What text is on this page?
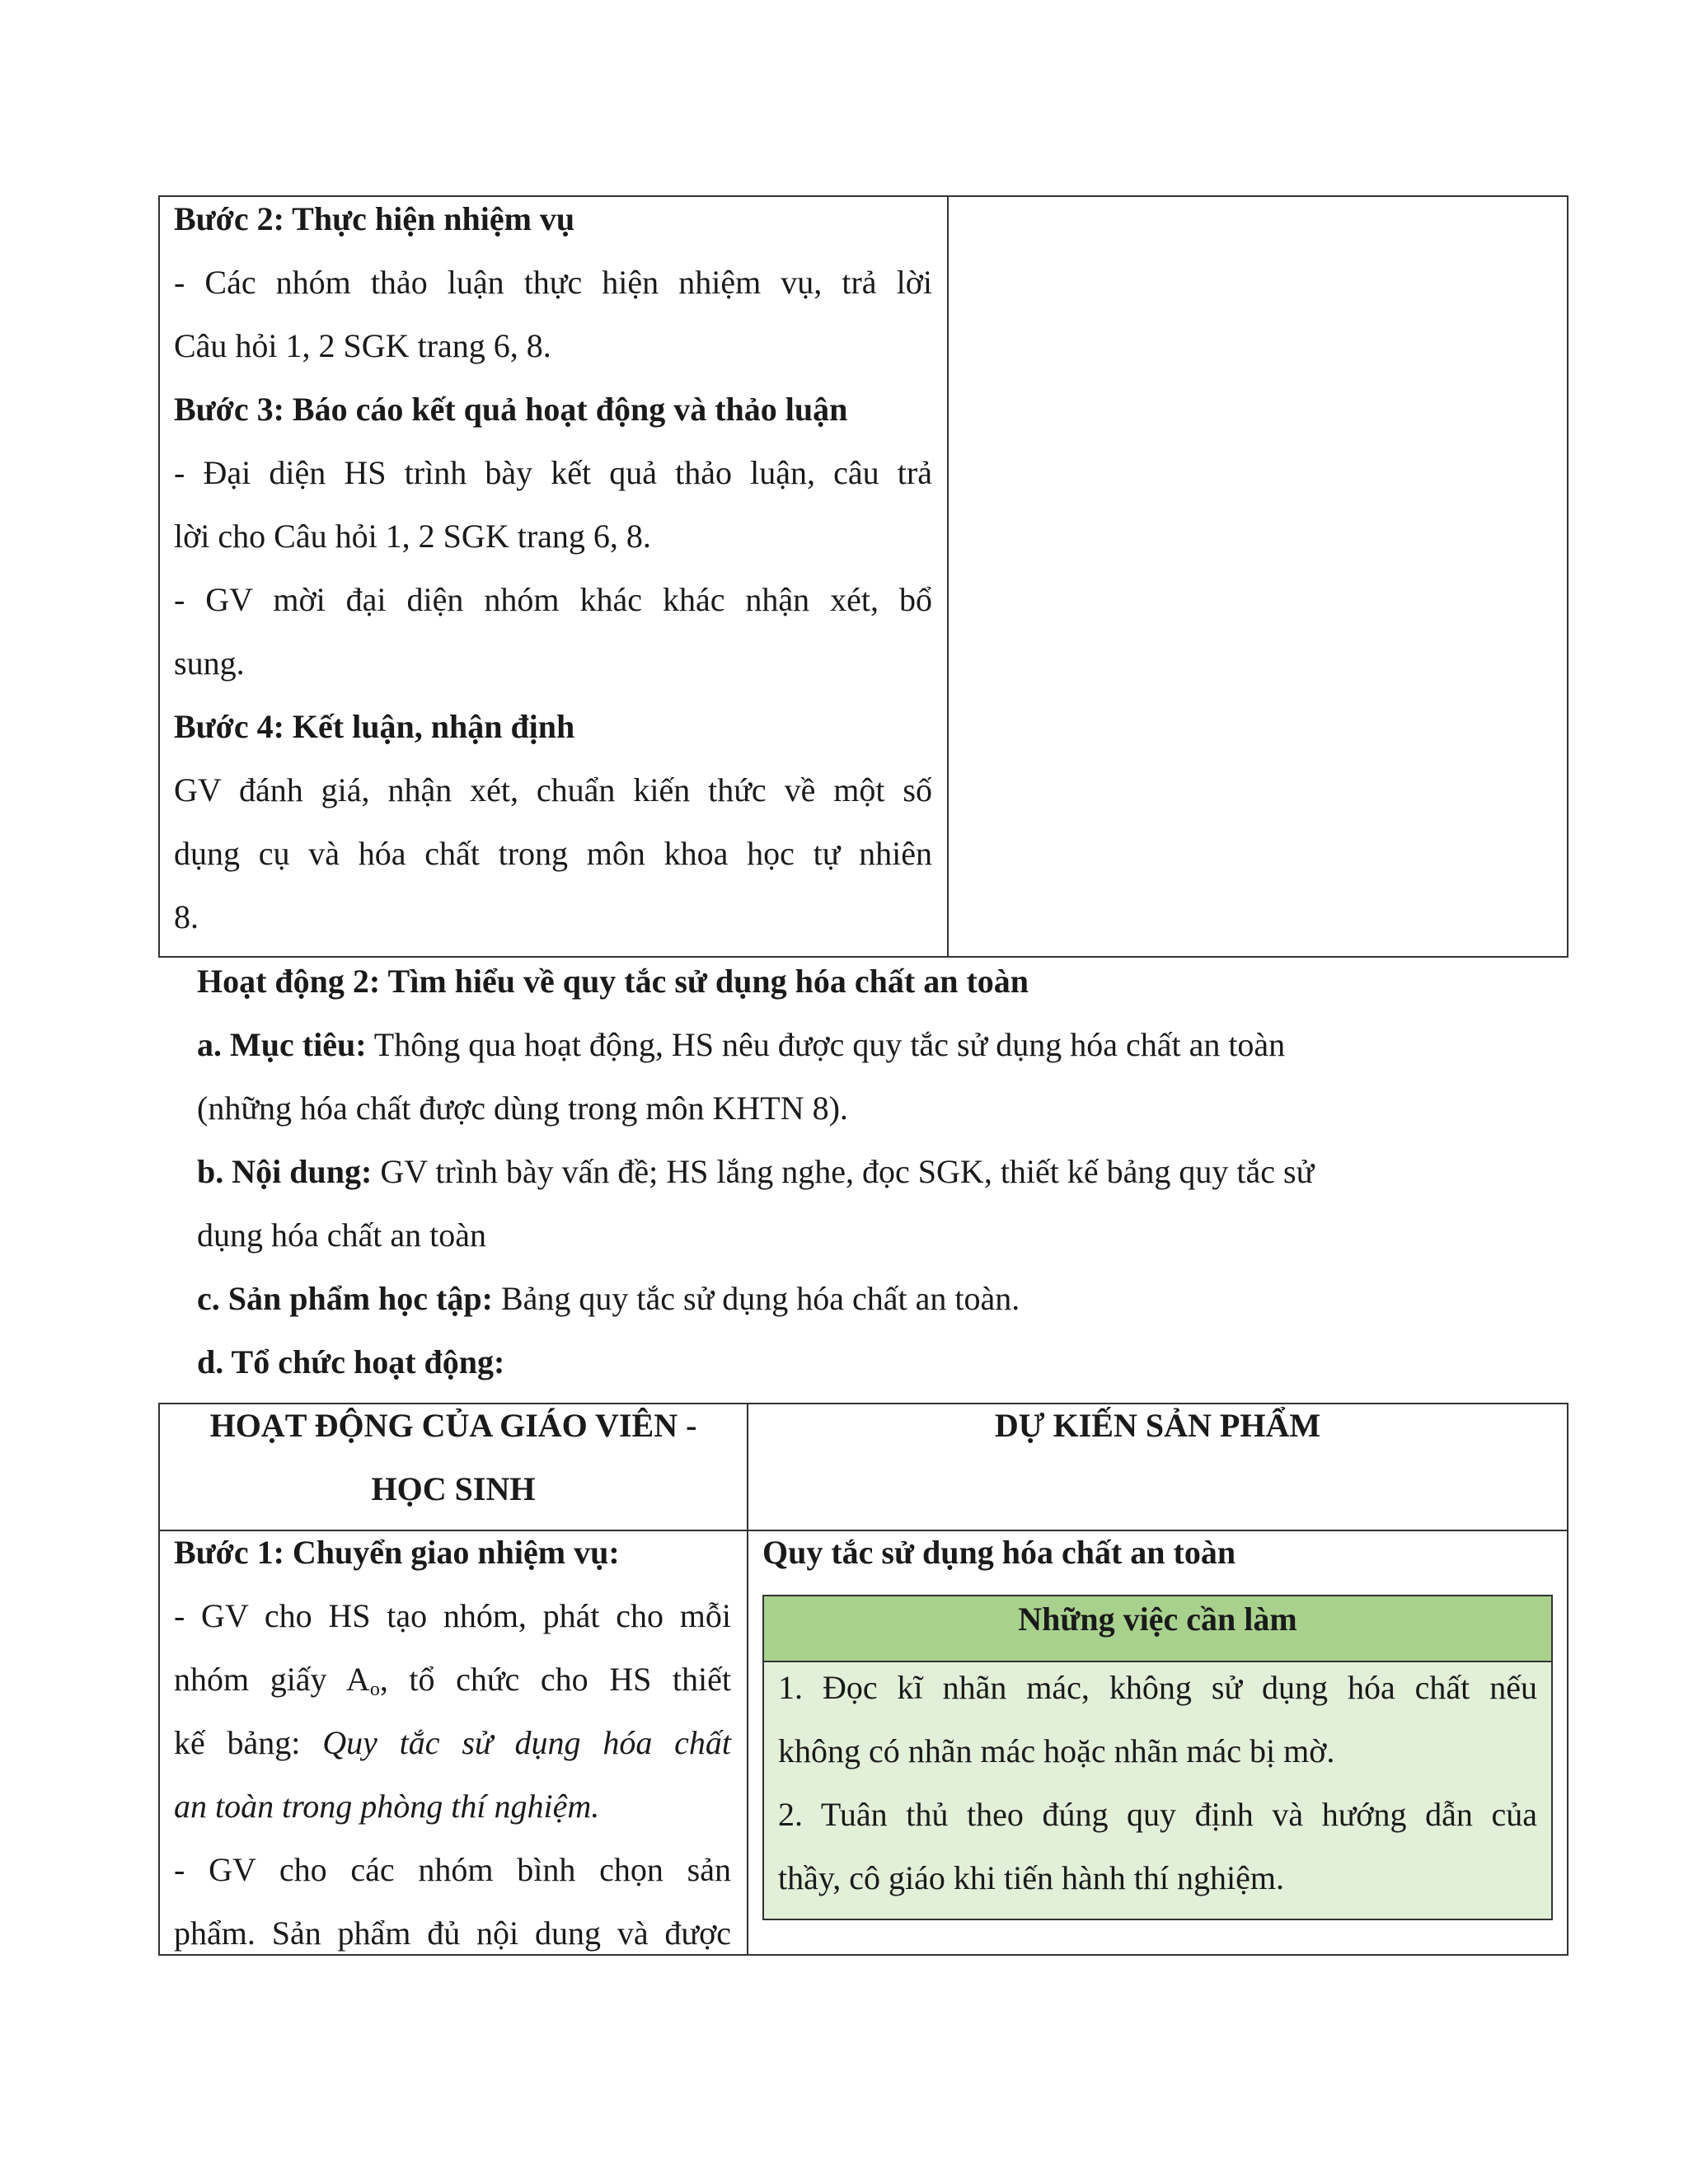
Bước 2: Thực hiện nhiệm vụ
- Các nhóm thảo luận thực hiện nhiệm vụ, trả lời
Câu hỏi 1, 2 SGK trang 6, 8.
Bước 3: Báo cáo kết quả hoạt động và thảo luận
- Đại diện HS trình bày kết quả thảo luận, câu trả
lời cho Câu hỏi 1, 2 SGK trang 6, 8.
- GV mời đại diện nhóm khác khác nhận xét, bổ
sung.
Bước 4: Kết luận, nhận định
GV đánh giá, nhận xét, chuẩn kiến thức về một số
dụng cụ và hóa chất trong môn khoa học tự nhiên
8.
Hoạt động 2: Tìm hiểu về quy tắc sử dụng hóa chất an toàn
a. Mục tiêu: Thông qua hoạt động, HS nêu được quy tắc sử dụng hóa chất an toàn
(những hóa chất được dùng trong môn KHTN 8).
b. Nội dung: GV trình bày vấn đề; HS lắng nghe, đọc SGK, thiết kế bảng quy tắc sử
dụng hóa chất an toàn
c. Sản phẩm học tập: Bảng quy tắc sử dụng hóa chất an toàn.
d. Tổ chức hoạt động:
HOẠT ĐỘNG CỦA GIÁO VIÊN -
HỌC SINH
DỰ KIẾN SẢN PHẨM
Bước 1: Chuyển giao nhiệm vụ:
- GV cho HS tạo nhóm, phát cho mỗi
nhóm giấy $A_o$, tổ chức cho HS thiết
kế bảng: Quy tắc sử dụng hóa chất
an toàn trong phòng thí nghiệm.
- GV cho các nhóm bình chọn sản
phẩm. Sản phẩm đủ nội dung và được
Quy tắc sử dụng hóa chất an toàn
Những việc cần làm
1. Đọc kĩ nhãn mác, không sử dụng hóa chất nếu
không có nhãn mác hoặc nhãn mác bị mờ.
2. Tuân thủ theo đúng quy định và hướng dẫn của
thầy, cô giáo khi tiến hành thí nghiệm.
